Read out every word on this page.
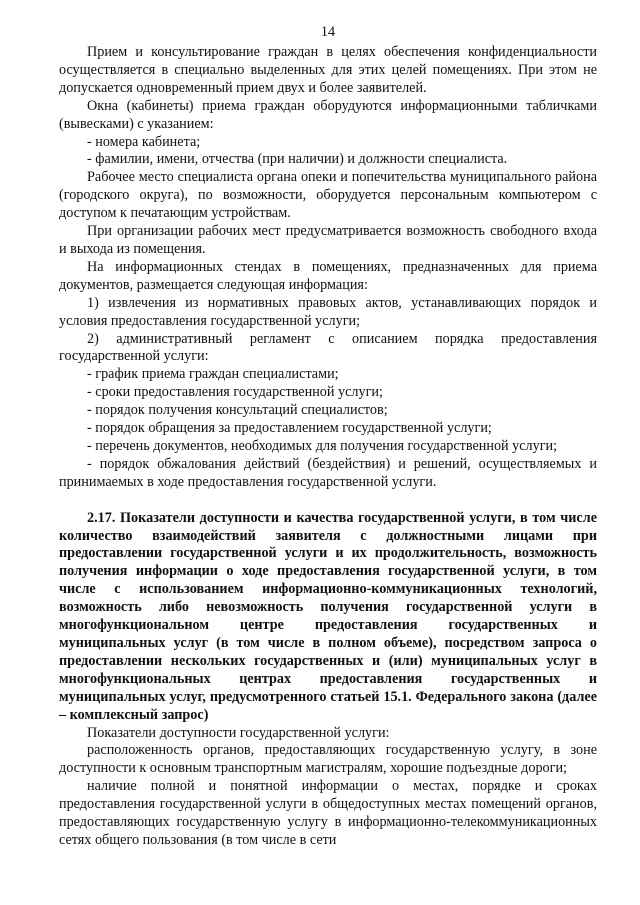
14

Прием и консультирование граждан в целях обеспечения конфиденциальности осуществляется в специально выделенных для этих целей помещениях. При этом не допускается одновременный прием двух и более заявителей.

Окна (кабинеты) приема граждан оборудуются информационными табличками (вывесками) с указанием:

- номера кабинета;

- фамилии, имени, отчества (при наличии) и должности специалиста.

Рабочее место специалиста органа опеки и попечительства муниципального района (городского округа), по возможности, оборудуется персональным компьютером с доступом к печатающим устройствам.

При организации рабочих мест предусматривается возможность свободного входа и выхода из помещения.

На информационных стендах в помещениях, предназначенных для приема документов, размещается следующая информация:

1) извлечения из нормативных правовых актов, устанавливающих порядок и условия предоставления государственной услуги;

2) административный регламент с описанием порядка предоставления государственной услуги:

- график приема граждан специалистами;

- сроки предоставления государственной услуги;

- порядок получения консультаций специалистов;

- порядок обращения за предоставлением государственной услуги;

- перечень документов, необходимых для получения государственной услуги;

- порядок обжалования действий (бездействия) и решений, осуществляемых и принимаемых в ходе предоставления государственной услуги.

2.17. Показатели доступности и качества государственной услуги, в том числе количество взаимодействий заявителя с должностными лицами при предоставлении государственной услуги и их продолжительность, возможность получения информации о ходе предоставления государственной услуги, в том числе с использованием информационно-коммуникационных технологий, возможность либо невозможность получения государственной услуги в многофункциональном центре предоставления государственных и муниципальных услуг (в том числе в полном объеме), посредством запроса о предоставлении нескольких государственных и (или) муниципальных услуг в многофункциональных центрах предоставления государственных и муниципальных услуг, предусмотренного статьей 15.1. Федерального закона (далее – комплексный запрос)

Показатели доступности государственной услуги:

расположенность органов, предоставляющих государственную услугу, в зоне доступности к основным транспортным магистралям, хорошие подъездные дороги;

наличие полной и понятной информации о местах, порядке и сроках предоставления государственной услуги в общедоступных местах помещений органов, предоставляющих государственную услугу в информационно-телекоммуникационных сетях общего пользования (в том числе в сети
